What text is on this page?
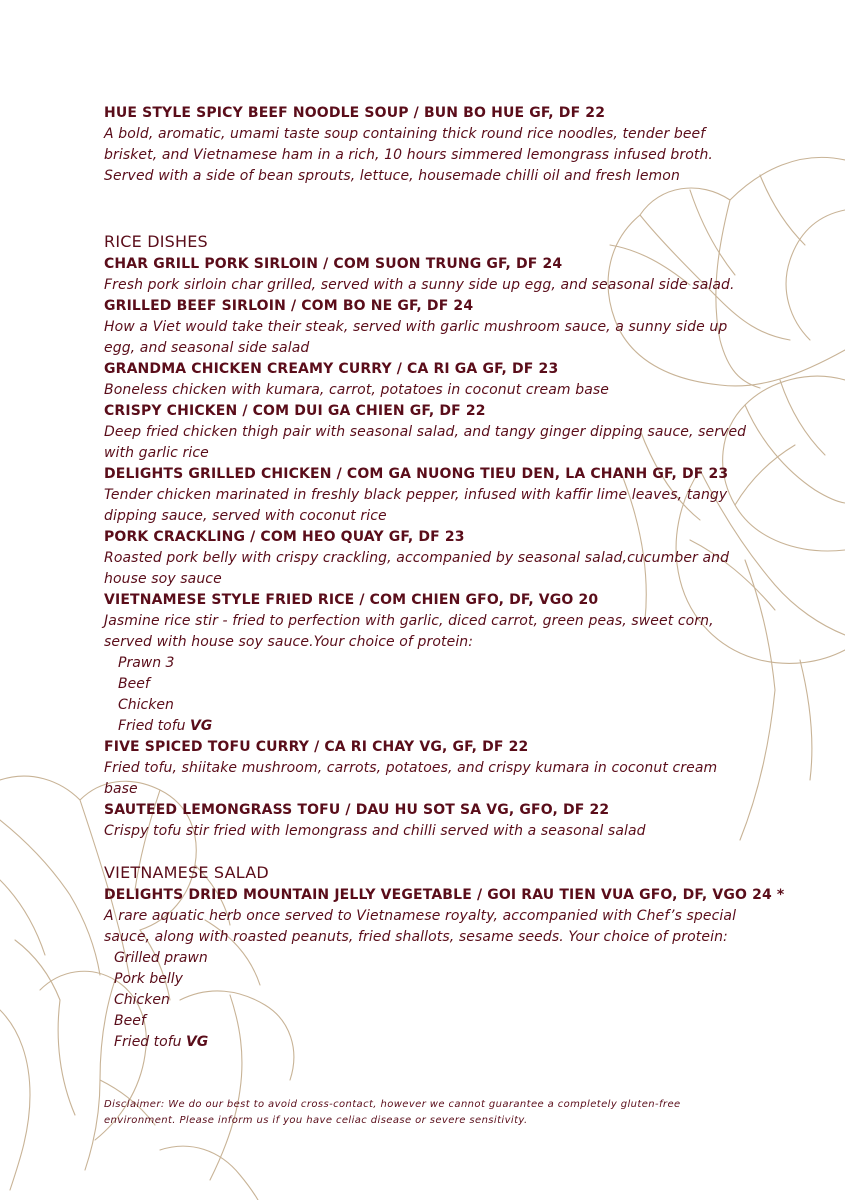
HUE STYLE SPICY BEEF NOODLE SOUP / BUN BO HUE GF, DF 22
A bold, aromatic, umami taste soup containing thick round rice noodles, tender beef
brisket, and Vietnamese ham in a rich, 10 hours simmered lemongrass infused broth.
Served with a side of bean sprouts, lettuce, housemade chilli oil and fresh lemon
RICE DISHES
CHAR GRILL PORK SIRLOIN / COM SUON TRUNG GF, DF 24
Fresh pork sirloin char grilled, served with a sunny side up egg, and seasonal side salad.
GRILLED BEEF SIRLOIN / COM BO NE GF, DF 24
How a Viet would take their steak, served with garlic mushroom sauce, a sunny side up
egg, and seasonal side salad
GRANDMA CHICKEN CREAMY CURRY / CA RI GA GF, DF 23
Boneless chicken with kumara, carrot, potatoes in coconut cream base
CRISPY CHICKEN / COM DUI GA CHIEN GF, DF 22
Deep fried chicken thigh pair with seasonal salad, and tangy ginger dipping sauce, served
with garlic rice
DELIGHTS GRILLED CHICKEN / COM GA NUONG TIEU DEN, LA CHANH GF, DF 23
Tender chicken marinated in freshly black pepper, infused with kaffir lime leaves, tangy
dipping sauce, served with coconut rice
PORK CRACKLING / COM HEO QUAY GF, DF 23
Roasted pork belly with crispy crackling, accompanied by seasonal salad,cucumber and
house soy sauce
VIETNAMESE STYLE FRIED RICE / COM CHIEN GFO, DF, VGO 20
Jasmine rice stir - fried to perfection with garlic, diced carrot, green peas, sweet corn,
served with house soy sauce.Your choice of protein:
Prawn 3
Beef
Chicken
Fried tofu VG
FIVE SPICED TOFU CURRY / CA RI CHAY VG, GF, DF 22
Fried tofu, shiitake mushroom, carrots, potatoes, and crispy kumara in coconut cream
base
SAUTEED LEMONGRASS TOFU / DAU HU SOT SA VG, GFO, DF 22
Crispy tofu stir fried with lemongrass and chilli served with a seasonal salad
VIETNAMESE SALAD
DELIGHTS DRIED MOUNTAIN JELLY VEGETABLE / GOI RAU TIEN VUA GFO, DF, VGO 24 *
A rare aquatic herb once served to Vietnamese royalty, accompanied with Chef’s special
sauce, along with roasted peanuts, fried shallots, sesame seeds. Your choice of protein:
Grilled prawn
Pork belly
Chicken
Beef
Fried tofu VG
Disclaimer: We do our best to avoid cross-contact, however we cannot guarantee a completely gluten-free
environment. Please inform us if you have celiac disease or severe sensitivity.
